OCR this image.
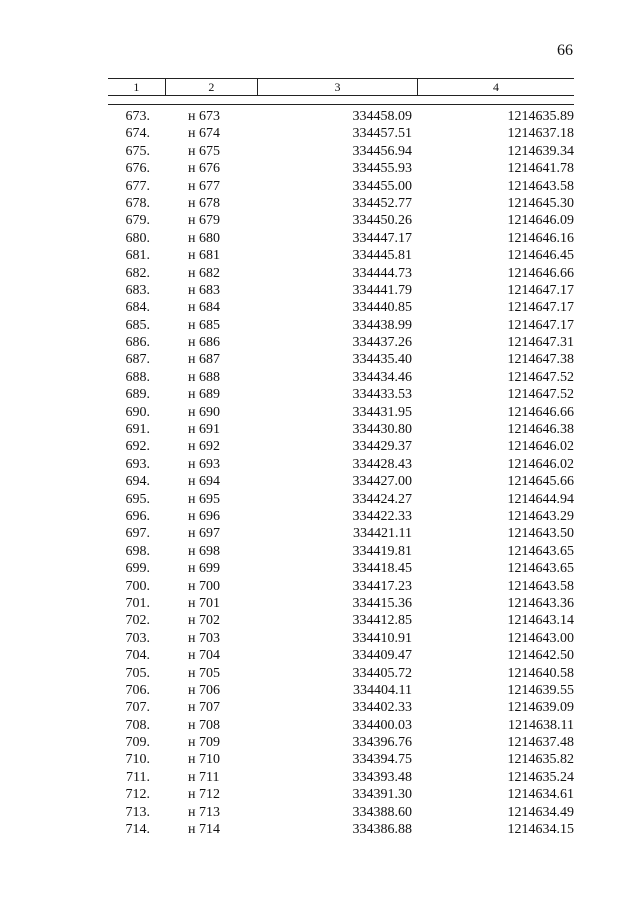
66
1	2	3	4
673.	н 673	334458.09	1214635.89
674.	н 674	334457.51	1214637.18
675.	н 675	334456.94	1214639.34
676.	н 676	334455.93	1214641.78
677.	н 677	334455.00	1214643.58
678.	н 678	334452.77	1214645.30
679.	н 679	334450.26	1214646.09
680.	н 680	334447.17	1214646.16
681.	н 681	334445.81	1214646.45
682.	н 682	334444.73	1214646.66
683.	н 683	334441.79	1214647.17
684.	н 684	334440.85	1214647.17
685.	н 685	334438.99	1214647.17
686.	н 686	334437.26	1214647.31
687.	н 687	334435.40	1214647.38
688.	н 688	334434.46	1214647.52
689.	н 689	334433.53	1214647.52
690.	н 690	334431.95	1214646.66
691.	н 691	334430.80	1214646.38
692.	н 692	334429.37	1214646.02
693.	н 693	334428.43	1214646.02
694.	н 694	334427.00	1214645.66
695.	н 695	334424.27	1214644.94
696.	н 696	334422.33	1214643.29
697.	н 697	334421.11	1214643.50
698.	н 698	334419.81	1214643.65
699.	н 699	334418.45	1214643.65
700.	н 700	334417.23	1214643.58
701.	н 701	334415.36	1214643.36
702.	н 702	334412.85	1214643.14
703.	н 703	334410.91	1214643.00
704.	н 704	334409.47	1214642.50
705.	н 705	334405.72	1214640.58
706.	н 706	334404.11	1214639.55
707.	н 707	334402.33	1214639.09
708.	н 708	334400.03	1214638.11
709.	н 709	334396.76	1214637.48
710.	н 710	334394.75	1214635.82
711.	н 711	334393.48	1214635.24
712.	н 712	334391.30	1214634.61
713.	н 713	334388.60	1214634.49
714.	н 714	334386.88	1214634.15
